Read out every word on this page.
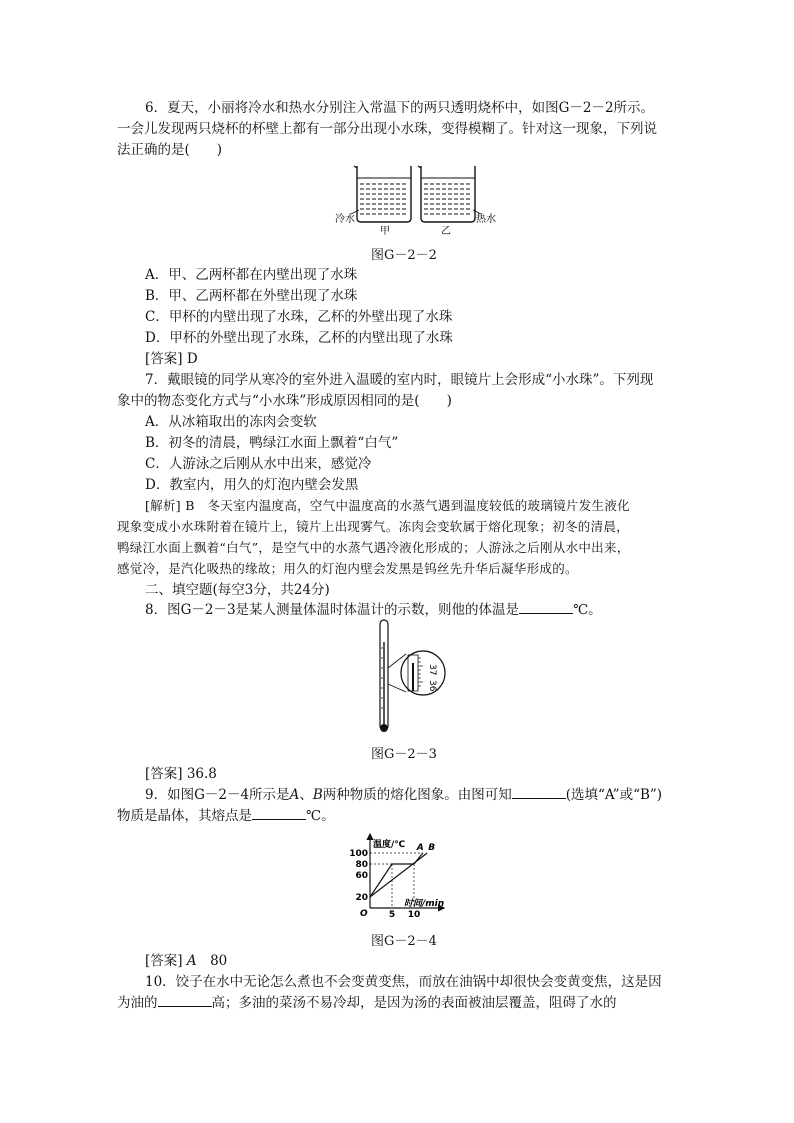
6．夏天，小丽将冷水和热水分别注入常温下的两只透明烧杯中，如图G－2－2所示。
一会儿发现两只烧杯的杯壁上都有一部分出现小水珠，变得模糊了。针对这一现象，下列说
法正确的是(　　)
冷水
甲	乙
热水
图G－2－2
A．甲、乙两杯都在内壁出现了水珠
B．甲、乙两杯都在外壁出现了水珠
C．甲杯的内壁出现了水珠，乙杯的外壁出现了水珠
D．甲杯的外壁出现了水珠，乙杯的内壁出现了水珠
[答案] D
7．戴眼镜的同学从寒冷的室外进入温暖的室内时，眼镜片上会形成“小水珠”。下列现
象中的物态变化方式与“小水珠”形成原因相同的是(　　)
A．从冰箱取出的冻肉会变软
B．初冬的清晨，鸭绿江水面上飘着“白气”
C．人游泳之后刚从水中出来，感觉冷
D．教室内，用久的灯泡内壁会发黑
[解析] B　冬天室内温度高，空气中温度高的水蒸气遇到温度较低的玻璃镜片发生液化
现象变成小水珠附着在镜片上，镜片上出现雾气。冻肉会变软属于熔化现象；初冬的清晨，
鸭绿江水面上飘着“白气”，是空气中的水蒸气遇冷液化形成的；人游泳之后刚从水中出来，
感觉冷，是汽化吸热的缘故；用久的灯泡内壁会发黑是钨丝先升华后凝华形成的。
二、填空题(每空3分，共24分)
8．图G－2－3是某人测量体温时体温计的示数，则他的体温是	℃。
37
36
图G－2－3
[答案] 36.8
9．如图G－2－4所示是A、B两种物质的熔化图象。由图可知	(选填“A”或“B”)
物质是晶体，其熔点是	℃。
温度/℃
时间/min
O
20
60
80
100
5 10
A B
图G－2－4
[答案] A　 80
10．饺子在水中无论怎么煮也不会变黄变焦，而放在油锅中却很快会变黄变焦，这是因
为油的	高；多油的菜汤不易冷却，是因为汤的表面被油层覆盖，阻碍了水的
